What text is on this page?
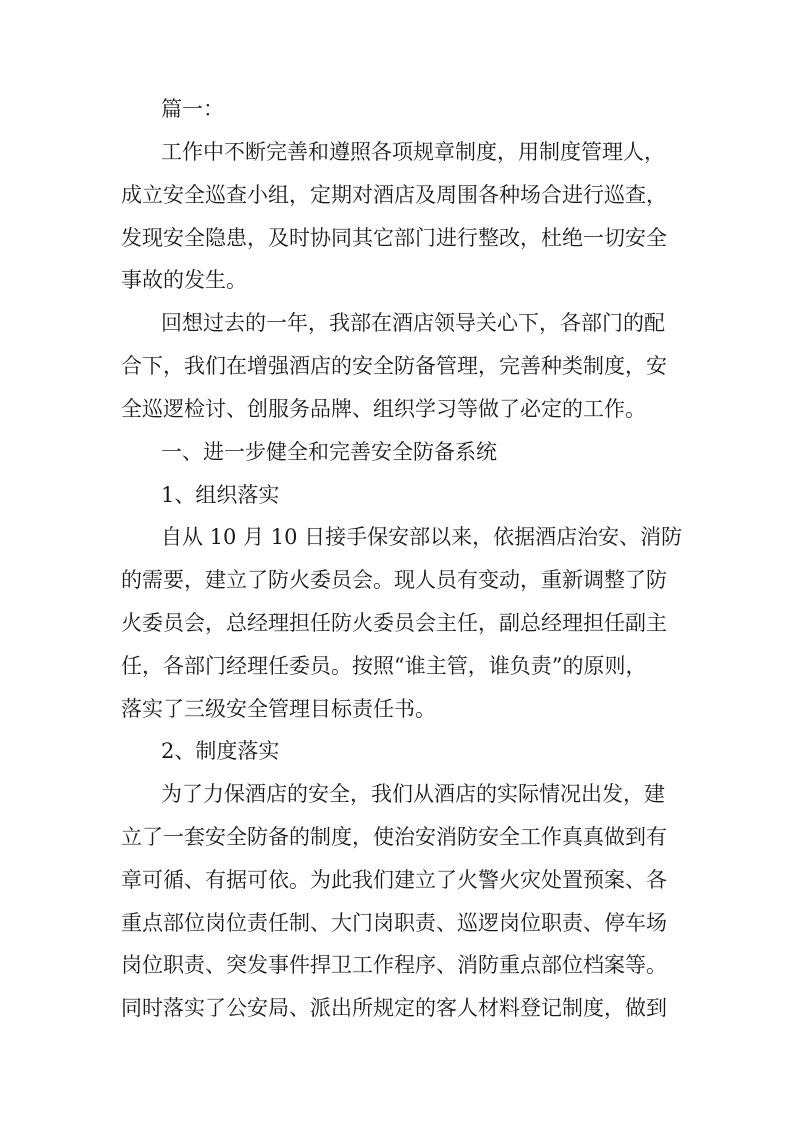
篇一：
工作中不断完善和遵照各项规章制度，用制度管理人，
成立安全巡查小组，定期对酒店及周围各种场合进行巡查，
发现安全隐患，及时协同其它部门进行整改，杜绝一切安全
事故的发生。
回想过去的一年，我部在酒店领导关心下，各部门的配
合下，我们在增强酒店的安全防备管理，完善种类制度，安
全巡逻检讨、创服务品牌、组织学习等做了必定的工作。
一、进一步健全和完善安全防备系统
1、组织落实
自从 10 月 10 日接手保安部以来，依据酒店治安、消防
的需要，建立了防火委员会。现人员有变动，重新调整了防
火委员会，总经理担任防火委员会主任，副总经理担任副主
任，各部门经理任委员。按照“谁主管，谁负责”的原则，
落实了三级安全管理目标责任书。
2、制度落实
为了力保酒店的安全，我们从酒店的实际情况出发，建
立了一套安全防备的制度，使治安消防安全工作真真做到有
章可循、有据可依。为此我们建立了火警火灾处置预案、各
重点部位岗位责任制、大门岗职责、巡逻岗位职责、停车场
岗位职责、突发事件捍卫工作程序、消防重点部位档案等。
同时落实了公安局、派出所规定的客人材料登记制度，做到
